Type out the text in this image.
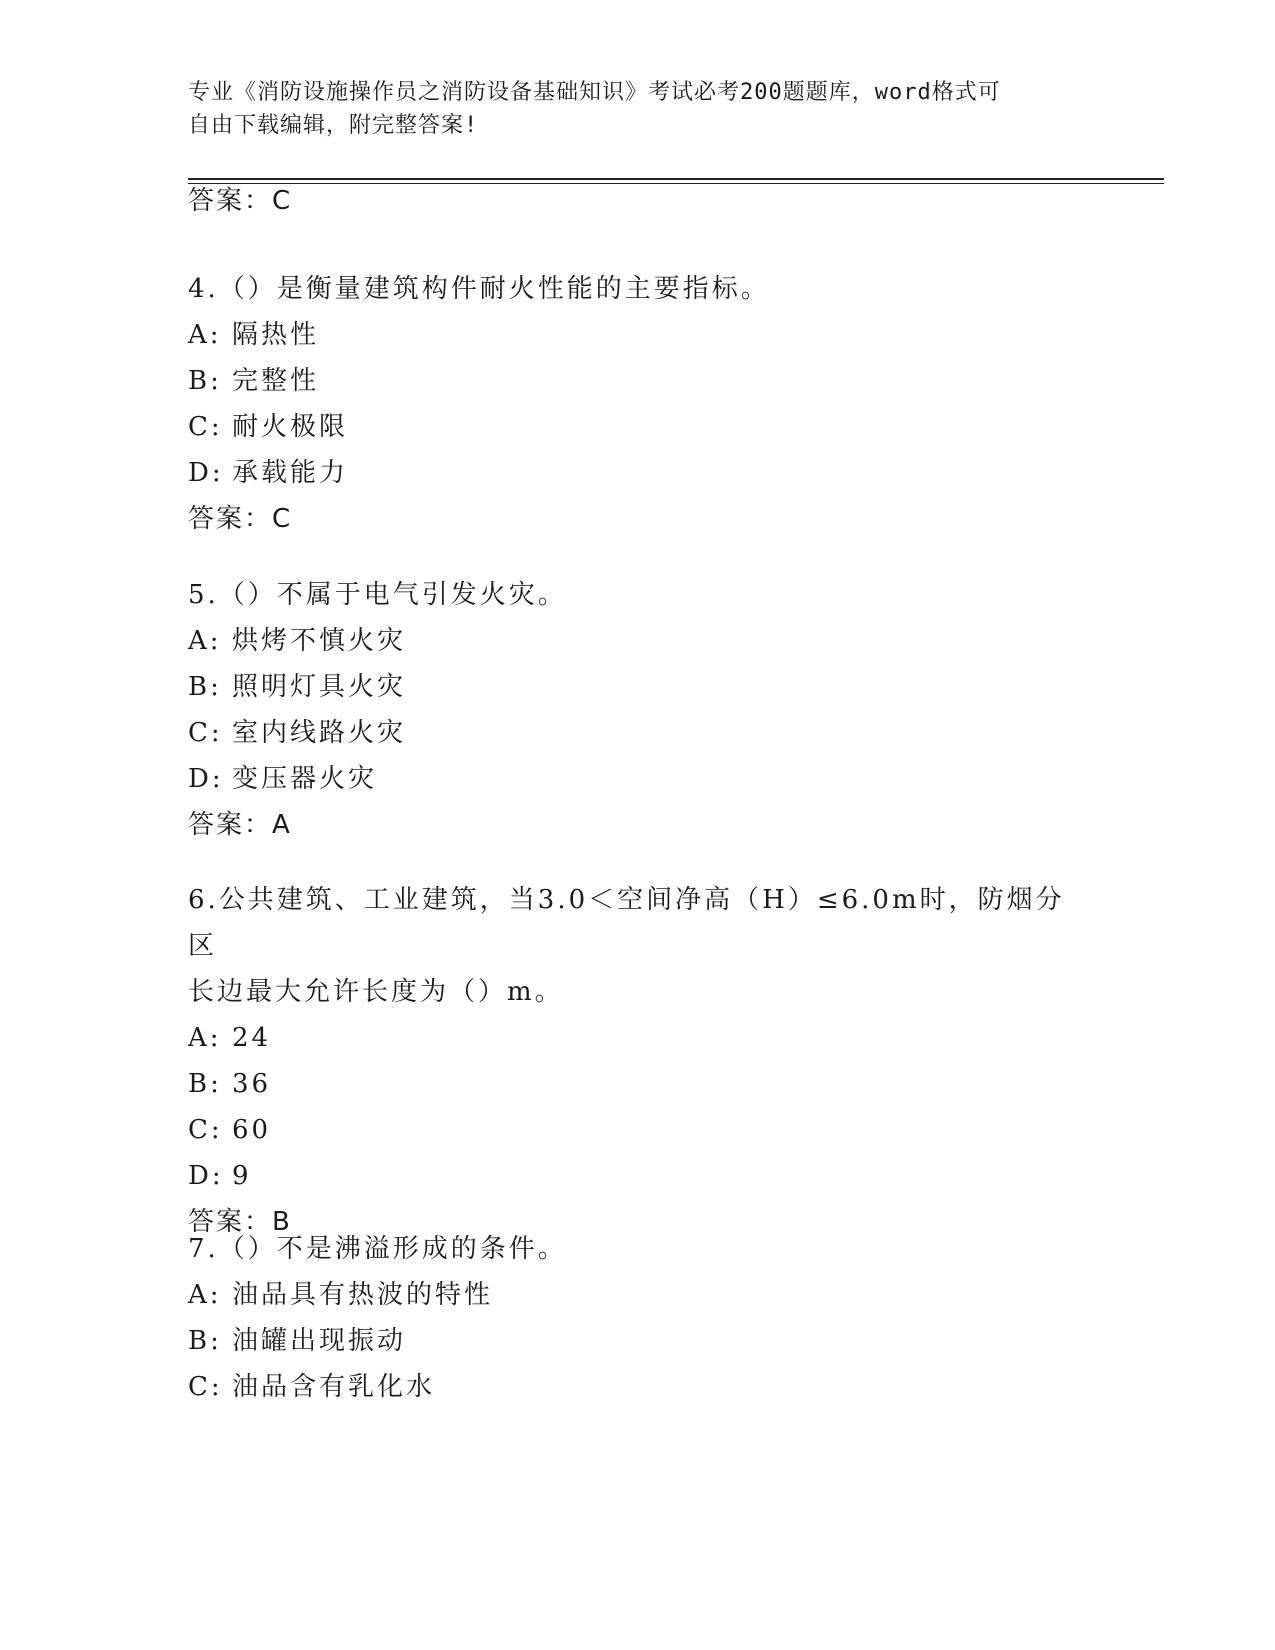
专业《消防设施操作员之消防设备基础知识》考试必考200题题库，word格式可
自由下载编辑，附完整答案!
答案：C
4.（）是衡量建筑构件耐火性能的主要指标。
A: 隔热性
B: 完整性
C: 耐火极限
D: 承载能力
答案：C
5.（）不属于电气引发火灾。
A: 烘烤不慎火灾
B: 照明灯具火灾
C: 室内线路火灾
D: 变压器火灾
答案：A
6.公共建筑、工业建筑，当3.0＜空间净高（H）≤6.0m时，防烟分区
长边最大允许长度为（）m。
A: 24
B: 36
C: 60
D: 9
答案：B
7.（）不是沸溢形成的条件。
A: 油品具有热波的特性
B: 油罐出现振动
C: 油品含有乳化水
